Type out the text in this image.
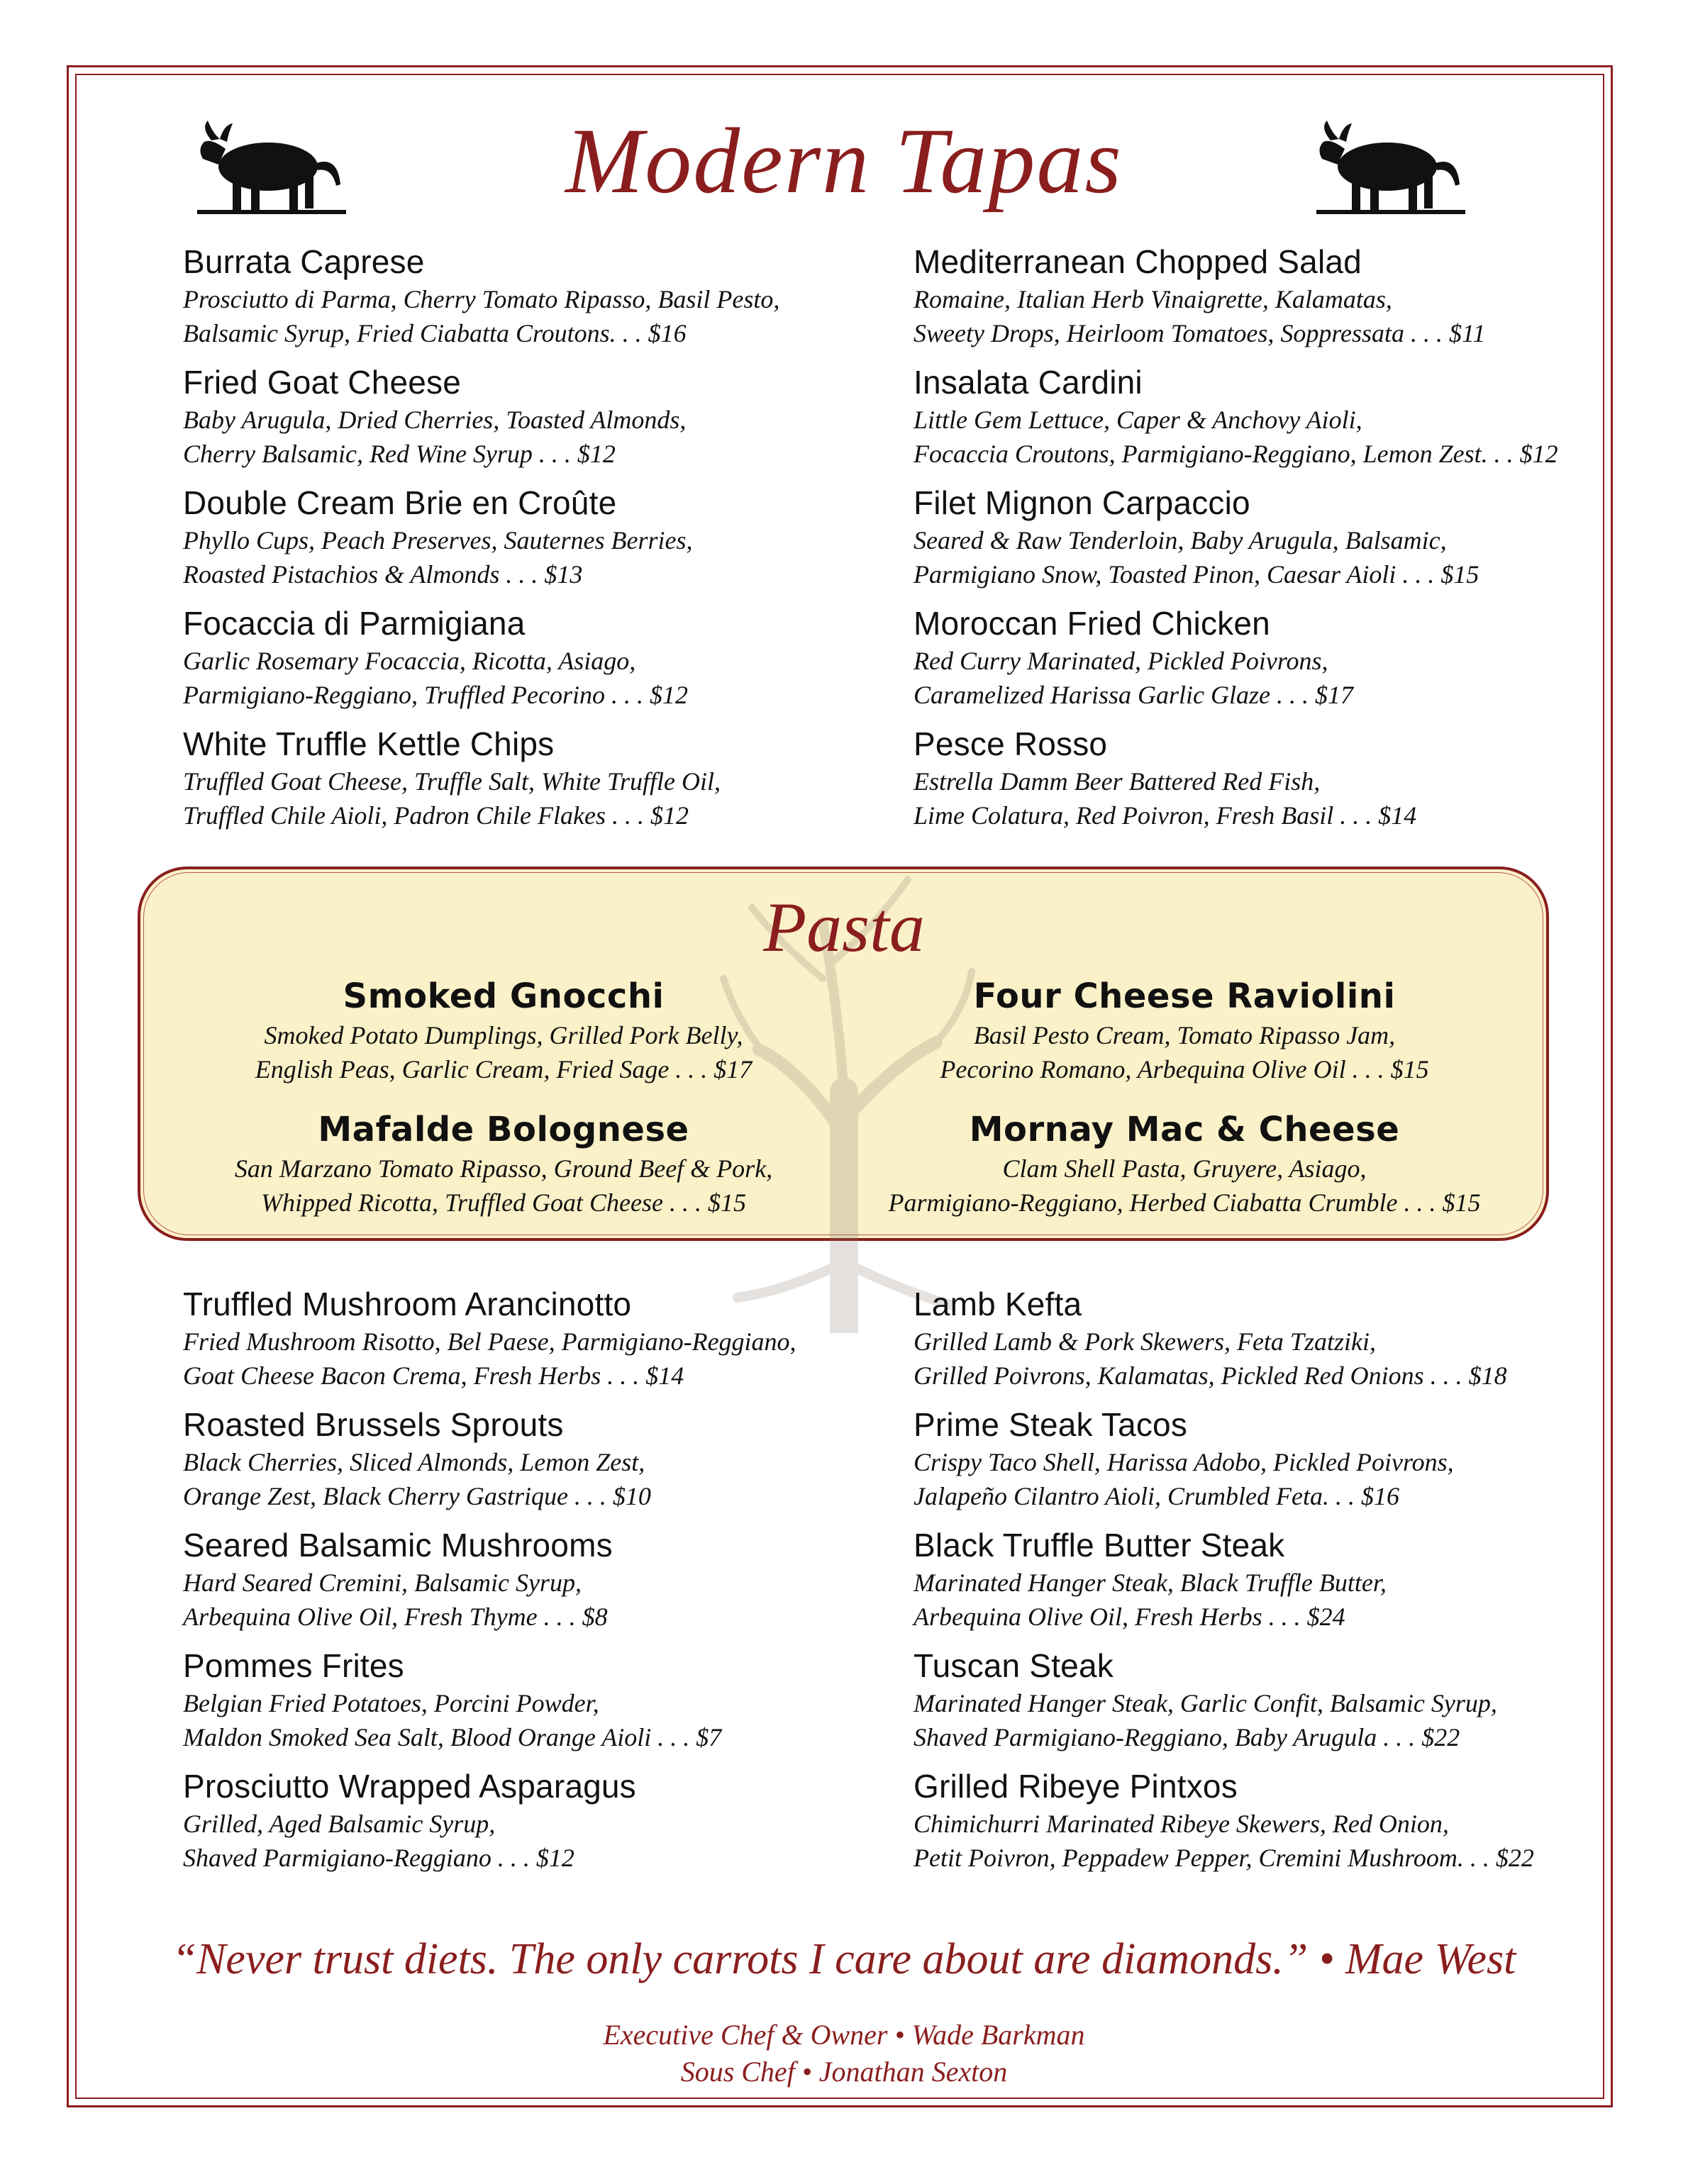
Modern Tapas
Burrata Caprese
Prosciutto di Parma, Cherry Tomato Ripasso, Basil Pesto,
Balsamic Syrup, Fried Ciabatta Croutons. . . $16
Fried Goat Cheese
Baby Arugula, Dried Cherries, Toasted Almonds,
Cherry Balsamic, Red Wine Syrup . . . $12
Double Cream Brie en Croûte
Phyllo Cups, Peach Preserves, Sauternes Berries,
Roasted Pistachios & Almonds . . . $13
Focaccia di Parmigiana
Garlic Rosemary Focaccia, Ricotta, Asiago,
Parmigiano-Reggiano, Truffled Pecorino . . . $12
White Truffle Kettle Chips
Truffled Goat Cheese, Truffle Salt, White Truffle Oil,
Truffled Chile Aioli, Padron Chile Flakes . . . $12
Mediterranean Chopped Salad
Romaine, Italian Herb Vinaigrette, Kalamatas,
Sweety Drops, Heirloom Tomatoes, Soppressata . . . $11
Insalata Cardini
Little Gem Lettuce, Caper & Anchovy Aioli,
Focaccia Croutons, Parmigiano-Reggiano, Lemon Zest. . . $12
Filet Mignon Carpaccio
Seared & Raw Tenderloin, Baby Arugula, Balsamic,
Parmigiano Snow, Toasted Pinon, Caesar Aioli . . . $15
Moroccan Fried Chicken
Red Curry Marinated, Pickled Poivrons,
Caramelized Harissa Garlic Glaze . . . $17
Pesce Rosso
Estrella Damm Beer Battered Red Fish,
Lime Colatura, Red Poivron, Fresh Basil . . . $14
Pasta
Smoked Gnocchi
Smoked Potato Dumplings, Grilled Pork Belly,
English Peas, Garlic Cream, Fried Sage . . . $17
Four Cheese Raviolini
Basil Pesto Cream, Tomato Ripasso Jam,
Pecorino Romano, Arbequina Olive Oil . . . $15
Mafalde Bolognese
San Marzano Tomato Ripasso, Ground Beef & Pork,
Whipped Ricotta, Truffled Goat Cheese . . . $15
Mornay Mac & Cheese
Clam Shell Pasta, Gruyere, Asiago,
Parmigiano-Reggiano, Herbed Ciabatta Crumble . . . $15
Truffled Mushroom Arancinotto
Fried Mushroom Risotto, Bel Paese, Parmigiano-Reggiano,
Goat Cheese Bacon Crema, Fresh Herbs . . . $14
Roasted Brussels Sprouts
Black Cherries, Sliced Almonds, Lemon Zest,
Orange Zest, Black Cherry Gastrique . . . $10
Seared Balsamic Mushrooms
Hard Seared Cremini, Balsamic Syrup,
Arbequina Olive Oil, Fresh Thyme . . . $8
Pommes Frites
Belgian Fried Potatoes, Porcini Powder,
Maldon Smoked Sea Salt, Blood Orange Aioli . . . $7
Prosciutto Wrapped Asparagus
Grilled, Aged Balsamic Syrup,
Shaved Parmigiano-Reggiano . . . $12
Lamb Kefta
Grilled Lamb & Pork Skewers, Feta Tzatziki,
Grilled Poivrons, Kalamatas, Pickled Red Onions . . . $18
Prime Steak Tacos
Crispy Taco Shell, Harissa Adobo, Pickled Poivrons,
Jalapeño Cilantro Aioli, Crumbled Feta. . . $16
Black Truffle Butter Steak
Marinated Hanger Steak, Black Truffle Butter,
Arbequina Olive Oil, Fresh Herbs . . . $24
Tuscan Steak
Marinated Hanger Steak, Garlic Confit, Balsamic Syrup,
Shaved Parmigiano-Reggiano, Baby Arugula . . . $22
Grilled Ribeye Pintxos
Chimichurri Marinated Ribeye Skewers, Red Onion,
Petit Poivron, Peppadew Pepper, Cremini Mushroom. . . $22
“Never trust diets. The only carrots I care about are diamonds.” • Mae West
Executive Chef & Owner • Wade Barkman
Sous Chef • Jonathan Sexton
